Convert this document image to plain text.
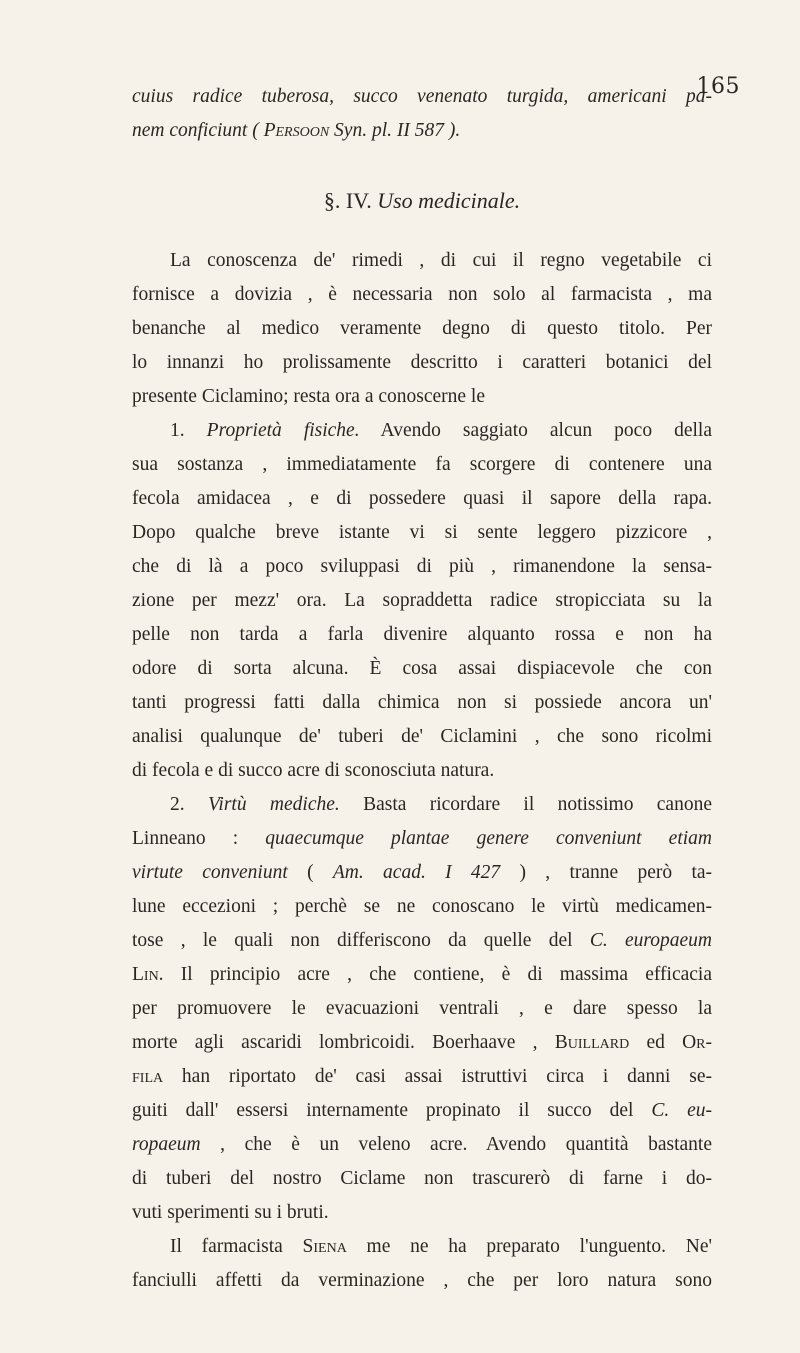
165
cuius radice tuberosa, succo venenato turgida, americani pa-
nem conficiunt ( Persoon Syn. pl. II 587 ).
§. IV. Uso medicinale.
La conoscenza de' rimedi , di cui il regno vegetabile ci
fornisce a dovizia , è necessaria non solo al farmacista , ma
benanche al medico veramente degno di questo titolo. Per
lo innanzi ho prolissamente descritto i caratteri botanici del
presente Ciclamino; resta ora a conoscerne le
1. Proprietà fisiche. Avendo saggiato alcun poco della
sua sostanza , immediatamente fa scorgere di contenere una
fecola amidacea , e di possedere quasi il sapore della rapa.
Dopo qualche breve istante vi si sente leggero pizzicore ,
che di là a poco sviluppasi di più , rimanendone la sensa-
zione per mezz' ora. La sopraddetta radice stropicciata su la
pelle non tarda a farla divenire alquanto rossa e non ha
odore di sorta alcuna. È cosa assai dispiacevole che con
tanti progressi fatti dalla chimica non si possiede ancora un'
analisi qualunque de' tuberi de' Ciclamini , che sono ricolmi
di fecola e di succo acre di sconosciuta natura.
2. Virtù mediche. Basta ricordare il notissimo canone
Linneano : quaecumque plantae genere conveniunt etiam
virtute conveniunt ( Am. acad. I 427 ) , tranne però ta-
lune eccezioni ; perchè se ne conoscano le virtù medicamen-
tose , le quali non differiscono da quelle del C. europaeum
Lin. Il principio acre , che contiene, è di massima efficacia
per promuovere le evacuazioni ventrali , e dare spesso la
morte agli ascaridi lombricoidi. Boerhaave , Buillard ed Or-
fila han riportato de' casi assai istruttivi circa i danni se-
guiti dall' essersi internamente propinato il succo del C. eu-
ropaeum , che è un veleno acre. Avendo quantità bastante
di tuberi del nostro Ciclame non trascurerò di farne i do-
vuti sperimenti su i bruti.
Il farmacista Siena me ne ha preparato l'unguento. Ne'
fanciulli affetti da verminazione , che per loro natura sono
